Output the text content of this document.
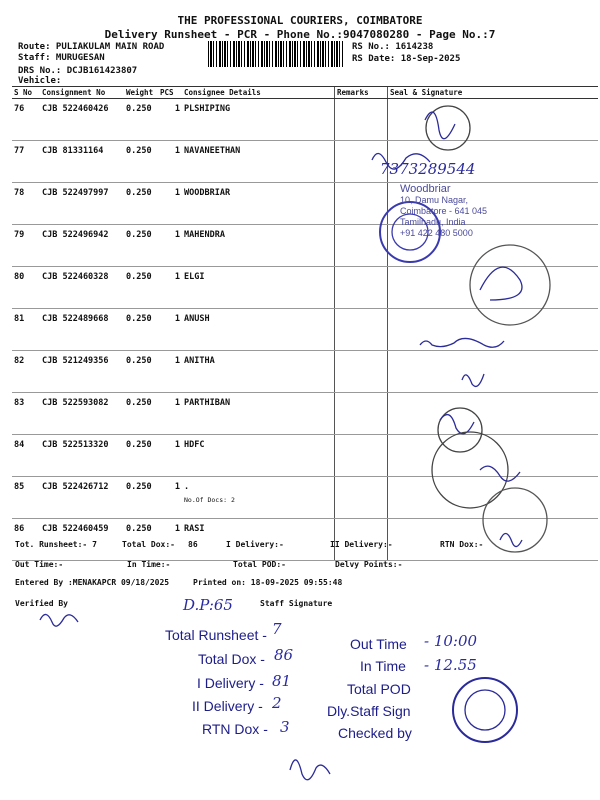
THE PROFESSIONAL COURIERS, COIMBATORE
Delivery Runsheet - PCR - Phone No.:9047080280 - Page No.:7
Route: PULIAKULAM MAIN ROAD
Staff: MURUGESAN
DRS No.: DCJB161423807
Vehicle:
RS No.: 1614238
RS Date: 18-Sep-2025
S No	Consignment No	Weight	PCS	Consignee Details	Remarks	Seal & Signature
76	CJB 522460426	0.250	1	PLSHIPING		
77	CJB 81331164	0.250	1	NAVANEETHAN		
78	CJB 522497997	0.250	1	WOODBRIAR		
79	CJB 522496942	0.250	1	MAHENDRA		
80	CJB 522460328	0.250	1	ELGI		
81	CJB 522489668	0.250	1	ANUSH		
82	CJB 521249356	0.250	1	ANITHA		
83	CJB 522593082	0.250	1	PARTHIBAN		
84	CJB 522513320	0.250	1	HDFC		
85	CJB 522426712	0.250	1	.
No.Of Docs: 2		

86	CJB 522460459	0.250	1	RASI		
7373289544
Woodbriar
10, Damu Nagar,
Coimbatore - 641 045
Tamilnadu, India
+91 422 480 5000
Tot. Runsheet:- 7	Total Dox:- 86	I Delivery:-	II Delivery:-	RTN Dox:-
Out Time:-	In Time:-	Total POD:-	Delvy Points:-
Entered By :MENAKAPCR 09/18/2025	Printed on: 18-09-2025 09:55:48
Verified By	Staff Signature
D.P:65
Total Runsheet - 7
Total Dox - 86
I Delivery - 81
II Delivery - 2
RTN Dox - 3
Out Time - 10:00
In Time - 12.55
Total POD
Dly.Staff Sign
Checked by
